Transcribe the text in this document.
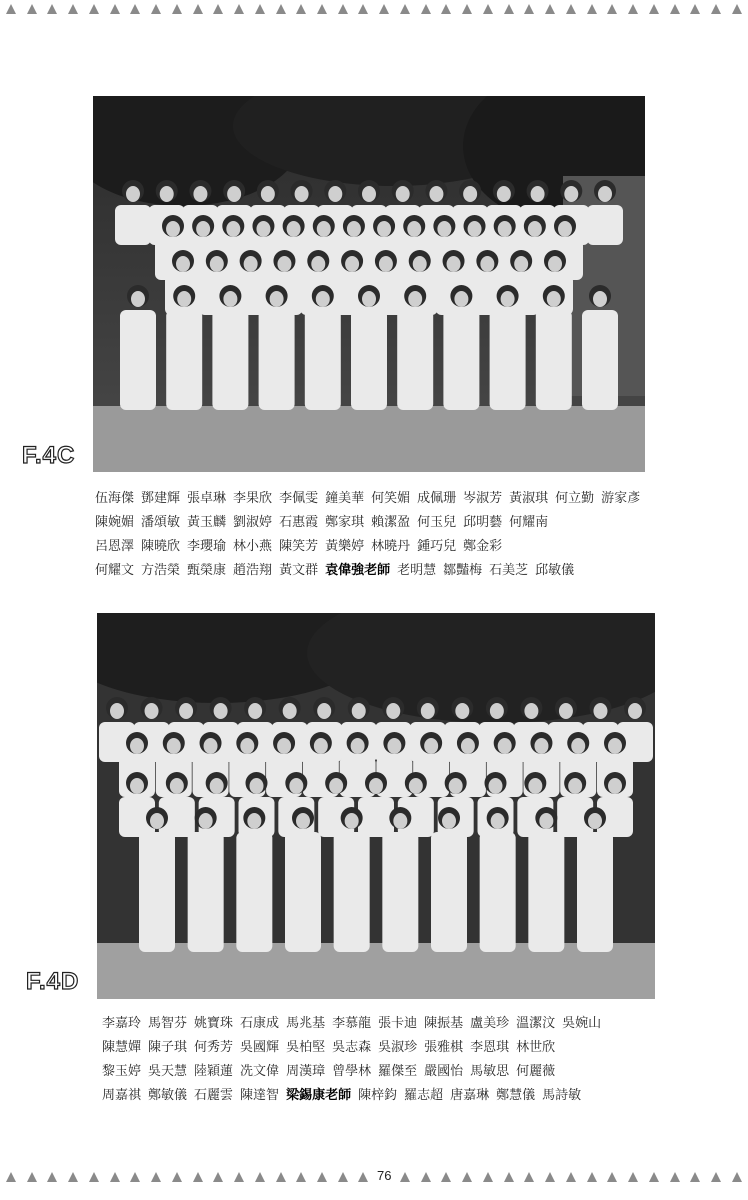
F.4C
伍海傑 鄧建輝 張卓琳 李果欣 李佩雯 鐘美華 何笑媚 成佩珊 岑淑芳 黃淑琪 何立勤 游家彥
陳婉媚 潘頌敏 黃玉麟 劉淑婷 石惠霞 鄭家琪 賴潔盈 何玉兒 邱明藝 何耀南
呂恩澤 陳曉欣 李瓔瑜 林小燕 陳笑芳 黃樂婷 林曉丹 鍾巧兒 鄭金彩
何耀文 方浩榮 甄榮康 趙浩翔 黃文群 袁偉強老師 老明慧 鄒豔梅 石美芝 邱敏儀
F.4D
李嘉玲 馬智芬 姚寶珠 石康成 馬兆基 李慕龍 張卡迪 陳振基 盧美珍 溫潔汶 吳婉山
陳慧嬋 陳子琪 何秀芳 吳國輝 吳柏堅 吳志森 吳淑珍 張雅棋 李恩琪 林世欣
黎玉婷 吳天慧 陸穎蓮 冼文偉 周漢璋 曾學林 羅傑至 嚴國怡 馬敏思 何麗薇
周嘉祺 鄭敏儀 石麗雲 陳達智 梁錫康老師 陳梓鈞 羅志超 唐嘉琳 鄭慧儀 馬詩敏
76
